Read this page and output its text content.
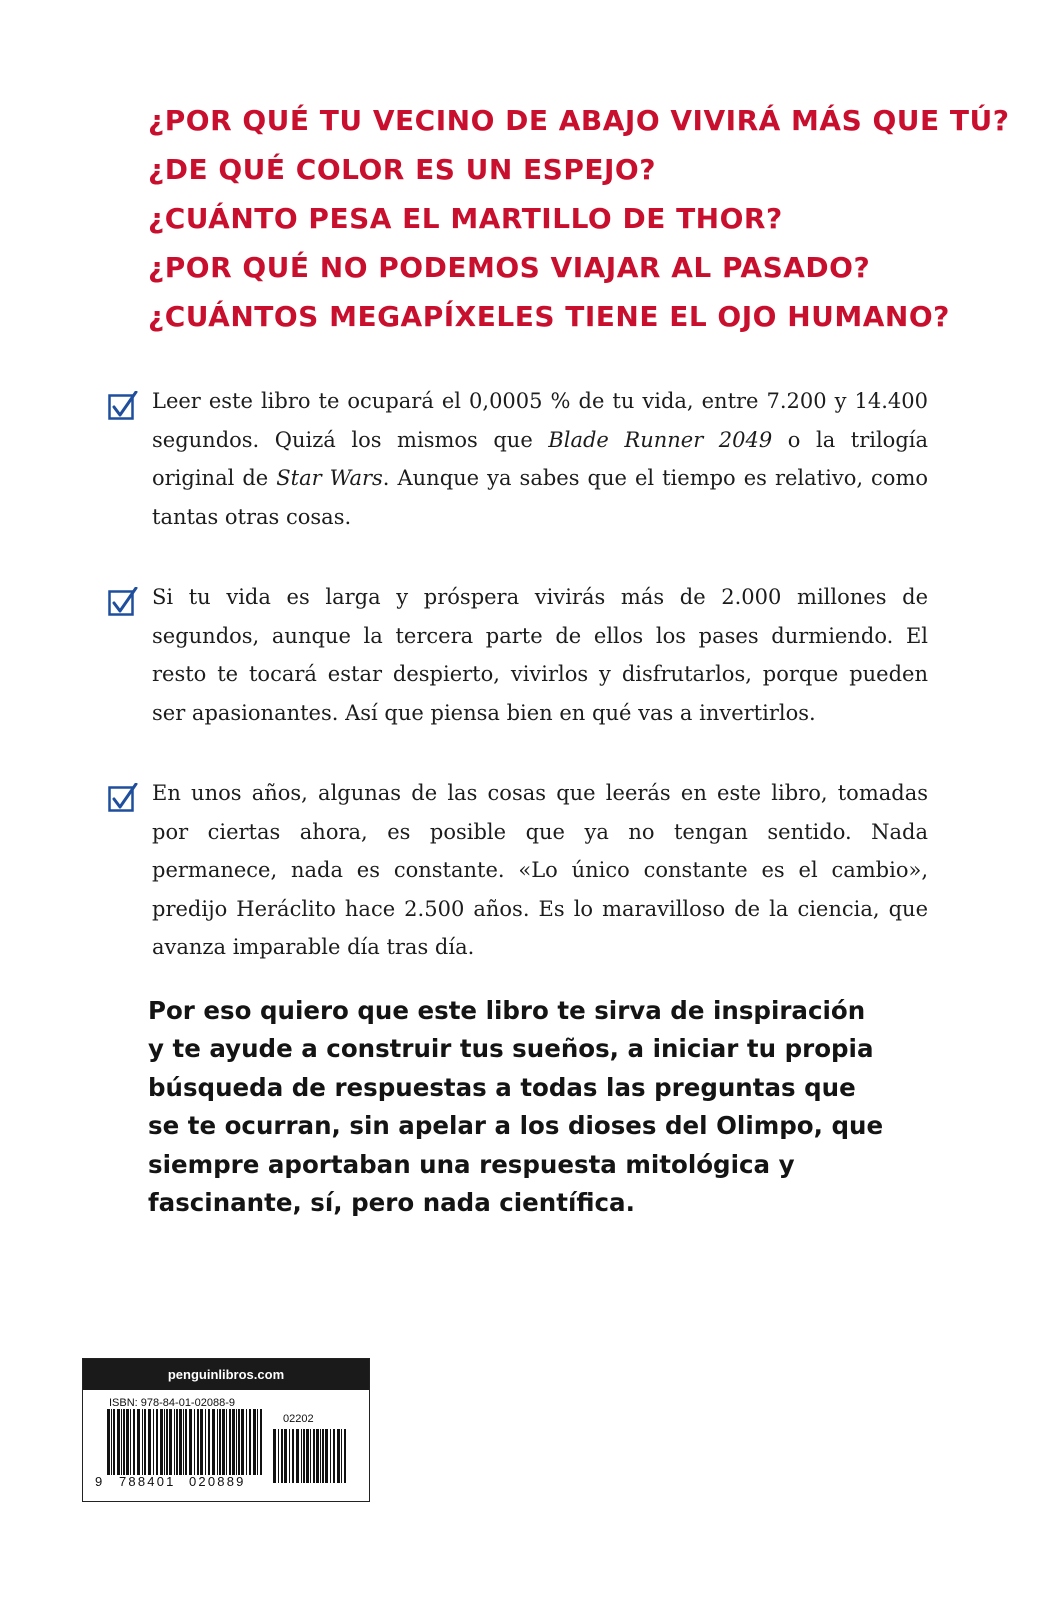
¿POR QUÉ TU VECINO DE ABAJO VIVIRÁ MÁS QUE TÚ?
¿DE QUÉ COLOR ES UN ESPEJO?
¿CUÁNTO PESA EL MARTILLO DE THOR?
¿POR QUÉ NO PODEMOS VIAJAR AL PASADO?
¿CUÁNTOS MEGAPÍXELES TIENE EL OJO HUMANO?

Leer este libro te ocupará el 0,0005 % de tu vida, entre 7.200 y 14.400 segundos. Quizá los mismos que Blade Runner 2049 o la trilogía original de Star Wars. Aunque ya sabes que el tiempo es relativo, como tantas otras cosas.

Si tu vida es larga y próspera vivirás más de 2.000 millones de segundos, aunque la tercera parte de ellos los pases durmiendo. El resto te tocará estar despierto, vivirlos y disfrutarlos, porque pueden ser apasionantes. Así que piensa bien en qué vas a invertirlos.

En unos años, algunas de las cosas que leerás en este libro, tomadas por ciertas ahora, es posible que ya no tengan sentido. Nada permanece, nada es constante. «Lo único constante es el cambio», predijo Heráclito hace 2.500 años. Es lo maravilloso de la ciencia, que avanza imparable día tras día.

Por eso quiero que este libro te sirva de inspiración y te ayude a construir tus sueños, a iniciar tu propia búsqueda de respuestas a todas las preguntas que se te ocurran, sin apelar a los dioses del Olimpo, que siempre aportaban una respuesta mitológica y fascinante, sí, pero nada científica.

penguinlibros.com
ISBN: 978-84-01-02088-9
02202
9 788401 020889
